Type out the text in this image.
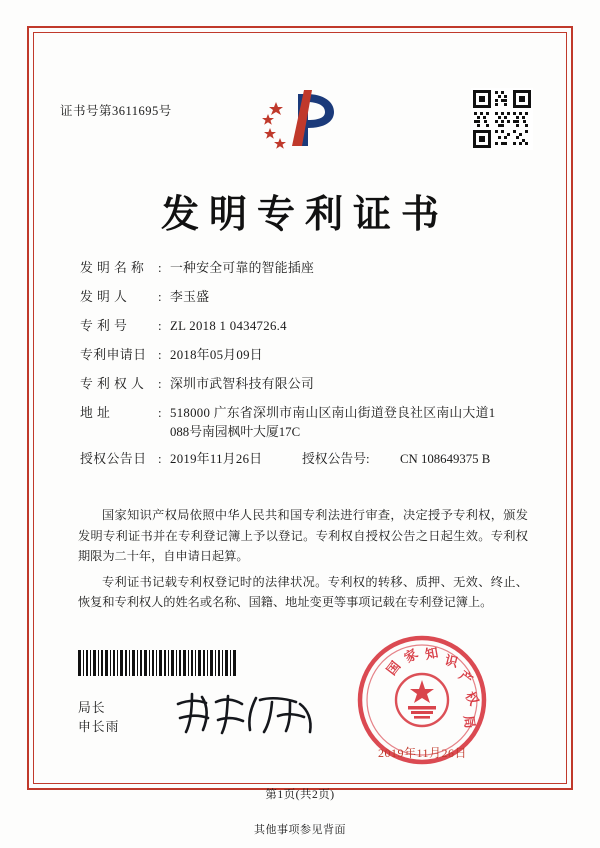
证书号第3611695号
发明专利证书
发 明 名 称	: 一种安全可靠的智能插座
发 明 人	: 李玉盛
专 利 号	: ZL 2018 1 0434726.4
专利申请日 : 2018年05月09日
专 利 权 人	: 深圳市武智科技有限公司
地 址	: 518000 广东省深圳市南山区南山街道登良社区南山大道1
088号南园枫叶大厦17C
授权公告日 : 2019年11月26日	授权公告号: CN 108649375 B
国家知识产权局依照中华人民共和国专利法进行审查，决定授予专利权，颁发发明专利证书并在专利登记簿上予以登记。专利权自授权公告之日起生效。专利权期限为二十年，自申请日起算。
专利证书记载专利权登记时的法律状况。专利权的转移、质押、无效、终止、恢复和专利权人的姓名或名称、国籍、地址变更等事项记载在专利登记簿上。
局长
申长雨
国
家 知 识
产
权
局
2019年11月26日
第1页(共2页)
其他事项参见背面
